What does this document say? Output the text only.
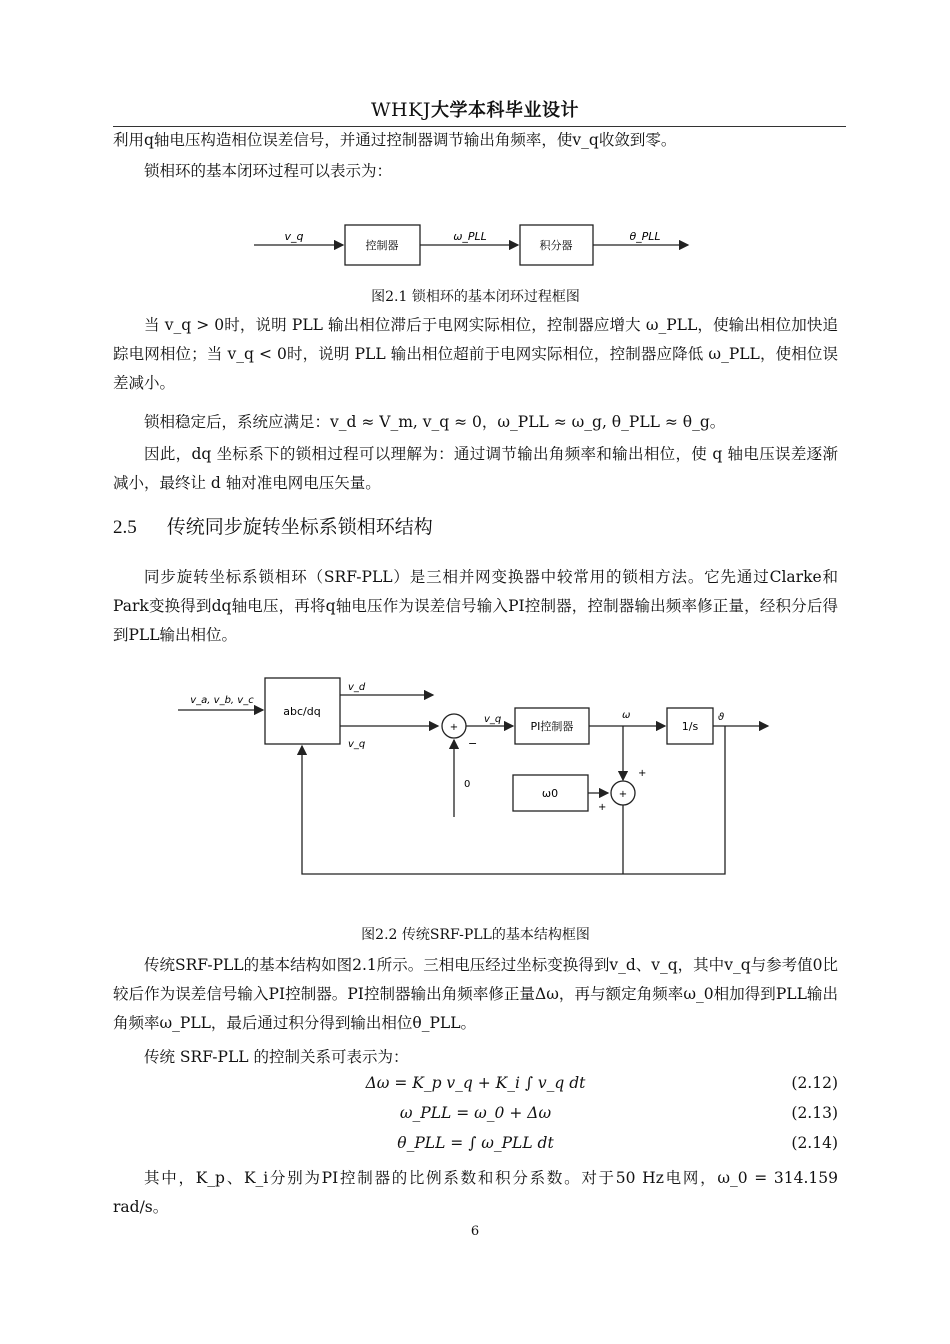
WHKJ大学本科毕业设计
利用q轴电压构造相位误差信号，并通过控制器调节输出角频率，使v_q收敛到零。
锁相环的基本闭环过程可以表示为：
v_q
控制器
ω_PLL
积分器
θ_PLL
图2.1 锁相环的基本闭环过程框图
当 v_q > 0时，说明 PLL 输出相位滞后于电网实际相位，控制器应增大 ω_PLL，使输出相位加快追踪电网相位；当 v_q < 0时，说明 PLL 输出相位超前于电网实际相位，控制器应降低 ω_PLL，使相位误差减小。
锁相稳定后，系统应满足：v_d ≈ V_m, v_q ≈ 0，ω_PLL ≈ ω_g, θ_PLL ≈ θ_g。
因此，dq 坐标系下的锁相过程可以理解为：通过调节输出角频率和输出相位，使 q 轴电压误差逐渐减小，最终让 d 轴对准电网电压矢量。
2.5 传统同步旋转坐标系锁相环结构
同步旋转坐标系锁相环（SRF-PLL）是三相并网变换器中较常用的锁相方法。它先通过Clarke和Park变换得到dq轴电压，再将q轴电压作为误差信号输入PI控制器，控制器输出频率修正量，经积分后得到PLL输出相位。
v_a, v_b, v_c
abc/dq
v_d
v_q
+
−
0
v_q
PI控制器
ω
1/s
ϑ
+
ω0
+
+
图2.2 传统SRF-PLL的基本结构框图
传统SRF-PLL的基本结构如图2.1所示。三相电压经过坐标变换得到v_d、v_q，其中v_q与参考值0比较后作为误差信号输入PI控制器。PI控制器输出角频率修正量Δω，再与额定角频率ω_0相加得到PLL输出角频率ω_PLL，最后通过积分得到输出相位θ_PLL。
传统 SRF-PLL 的控制关系可表示为：
Δω = K_p v_q + K_i ∫ v_q dt	(2.12)
ω_PLL = ω_0 + Δω	(2.13)
θ_PLL = ∫ ω_PLL dt	(2.14)
其中，K_p、K_i分别为PI控制器的比例系数和积分系数。对于50 Hz电网，ω_0 = 314.159 rad/s。
6
